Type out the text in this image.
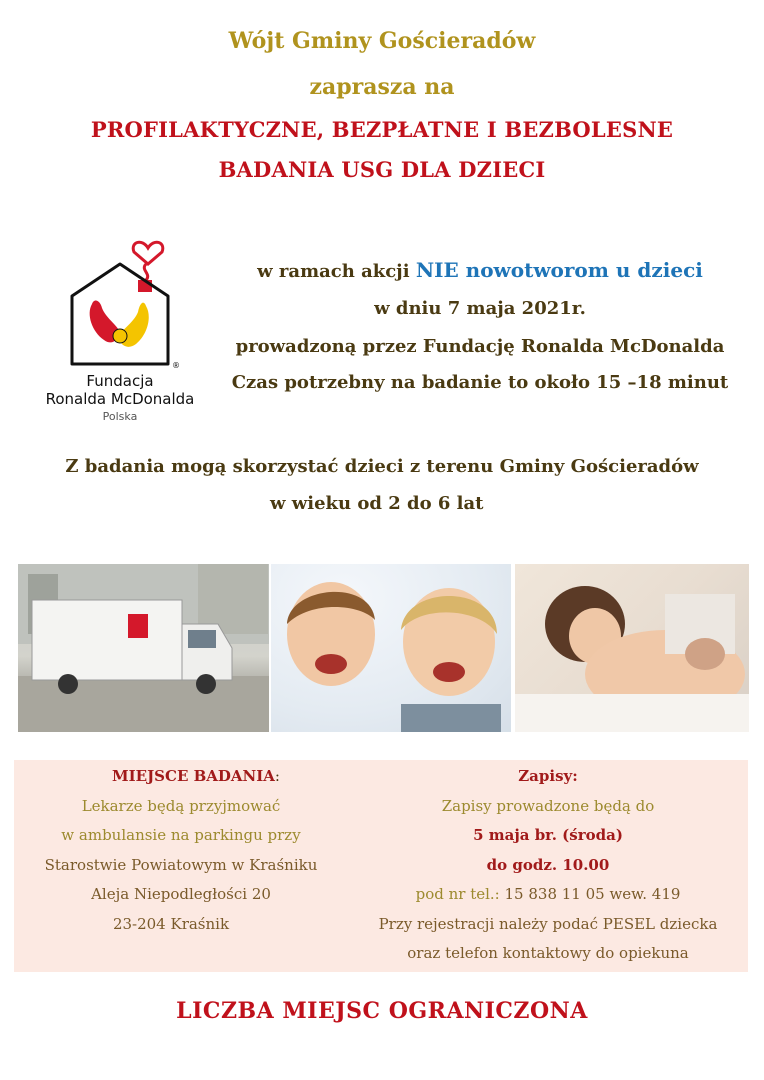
Wójt Gminy Gościeradów
zaprasza na
PROFILAKTYCZNE, BEZPŁATNE I BEZBOLESNE
BADANIA USG DLA DZIECI
®
Fundacja
Ronalda McDonalda
Polska
w ramach akcji NIE nowotworom u dzieci
w dniu 7 maja 2021r.
prowadzoną przez Fundację Ronalda McDonalda
Czas potrzebny na badanie to około 15 –18 minut
Z badania mogą skorzystać dzieci z terenu Gminy Gościeradów
w wieku od 2 do 6 lat
MIEJSCE BADANIA:
Lekarze będą przyjmować
w ambulansie na parkingu przy
Starostwie Powiatowym w Kraśniku
Aleja Niepodległości 20
23-204 Kraśnik
Zapisy:
Zapisy prowadzone będą do
5 maja br. (środa)
do godz. 10.00
pod nr tel.: 15 838 11 05 wew. 419
Przy rejestracji należy podać PESEL dziecka
oraz telefon kontaktowy do opiekuna
LICZBA MIEJSC OGRANICZONA
